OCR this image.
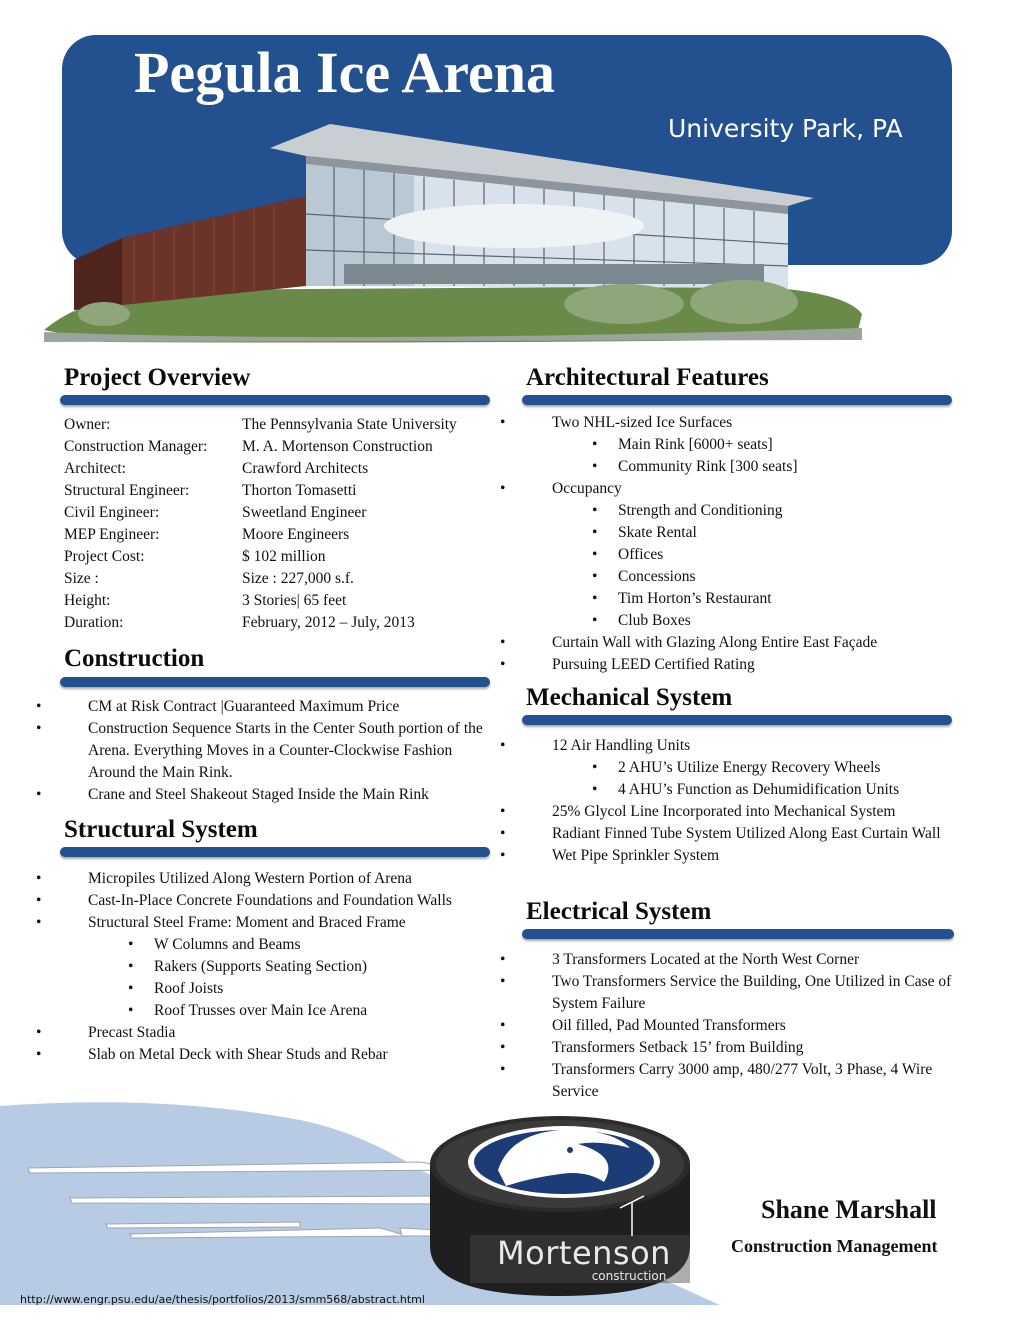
Pegula Ice Arena
University Park, PA
Project Overview
Owner:	The Pennsylvania State University
Construction Manager:	M. A. Mortenson Construction
Architect:	Crawford Architects
Structural Engineer:	Thorton Tomasetti
Civil Engineer:	Sweetland Engineer
MEP Engineer:	Moore Engineers
Project Cost:	$ 102 million
Size :	Size : 227,000 s.f.
Height:	3 Stories| 65 feet
Duration:	February, 2012 – July, 2013
Construction
• CM at Risk Contract |Guaranteed Maximum Price
• Construction Sequence Starts in the Center South portion of the Arena. Everything Moves in a Counter-Clockwise Fashion Around the Main Rink.
• Crane and Steel Shakeout Staged Inside the Main Rink
Structural System
• Micropiles Utilized Along Western Portion of Arena
• Cast-In-Place Concrete Foundations and Foundation Walls
• Structural Steel Frame: Moment and Braced Frame
• W Columns and Beams
• Rakers (Supports Seating Section)
• Roof Joists
• Roof Trusses over Main Ice Arena
• Precast Stadia
• Slab on Metal Deck with Shear Studs and Rebar
Architectural Features
• Two NHL-sized Ice Surfaces
• Main Rink [6000+ seats]
• Community Rink [300 seats]
• Occupancy
• Strength and Conditioning
• Skate Rental
• Offices
• Concessions
• Tim Horton’s Restaurant
• Club Boxes
• Curtain Wall with Glazing Along Entire East Façade
• Pursuing LEED Certified Rating
Mechanical System
• 12 Air Handling Units
• 2 AHU’s Utilize Energy Recovery Wheels
• 4 AHU’s Function as Dehumidification Units
• 25% Glycol Line Incorporated into Mechanical System
• Radiant Finned Tube System Utilized Along East Curtain Wall
• Wet Pipe Sprinkler System
Electrical System
• 3 Transformers Located at the North West Corner
• Two Transformers Service the Building, One Utilized in Case of System Failure
• Oil filled, Pad Mounted Transformers
• Transformers Setback 15’ from Building
• Transformers Carry 3000 amp, 480/277 Volt, 3 Phase, 4 Wire Service
Mortenson
construction
Shane Marshall
Construction Management
http://www.engr.psu.edu/ae/thesis/portfolios/2013/smm568/abstract.html
